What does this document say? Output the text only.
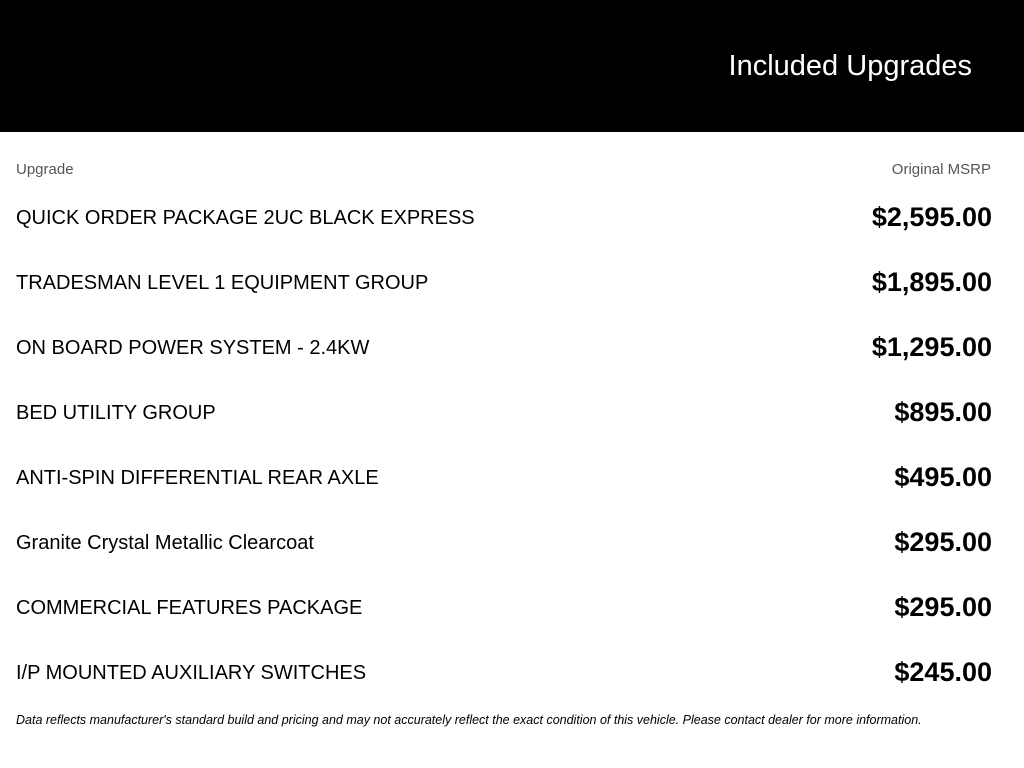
Included Upgrades
Upgrade	Original MSRP
QUICK ORDER PACKAGE 2UC BLACK EXPRESS	$2,595.00
TRADESMAN LEVEL 1 EQUIPMENT GROUP	$1,895.00
ON BOARD POWER SYSTEM - 2.4KW	$1,295.00
BED UTILITY GROUP	$895.00
ANTI-SPIN DIFFERENTIAL REAR AXLE	$495.00
Granite Crystal Metallic Clearcoat	$295.00
COMMERCIAL FEATURES PACKAGE	$295.00
I/P MOUNTED AUXILIARY SWITCHES	$245.00
Data reflects manufacturer's standard build and pricing and may not accurately reflect the exact condition of this vehicle. Please contact dealer for more information.
